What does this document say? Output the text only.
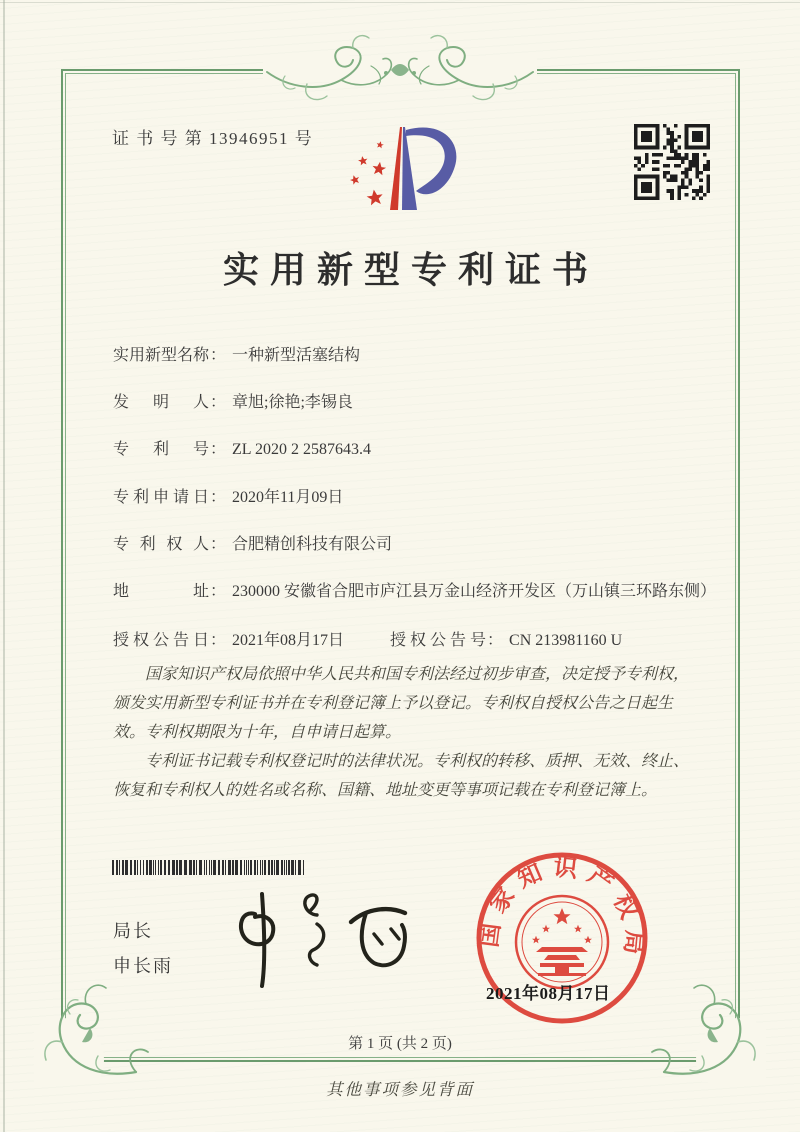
证 书 号 第 13946951 号
实用新型专利证书
实用新型名称 ： 一种新型活塞结构
发明人 ： 章旭;徐艳;李锡良
专利号 ： ZL 2020 2 2587643.4
专利申请日 ： 2020年11月09日
专利权人 ： 合肥精创科技有限公司
地址 ： 230000 安徽省合肥市庐江县万金山经济开发区（万山镇三环路东侧）
授权公告日 ： 2021年08月17日	授权公告号 ： CN 213981160 U

国家知识产权局依照中华人民共和国专利法经过初步审查，决定授予专利权，颁发实用新型专利证书并在专利登记簿上予以登记。专利权自授权公告之日起生效。专利权期限为十年，自申请日起算。

专利证书记载专利权登记时的法律状况。专利权的转移、质押、无效、终止、恢复和专利权人的姓名或名称、国籍、地址变更等事项记载在专利登记簿上。

局长
申长雨
国家知识产权局
2021年08月17日
第 1 页 (共 2 页)
其他事项参见背面
